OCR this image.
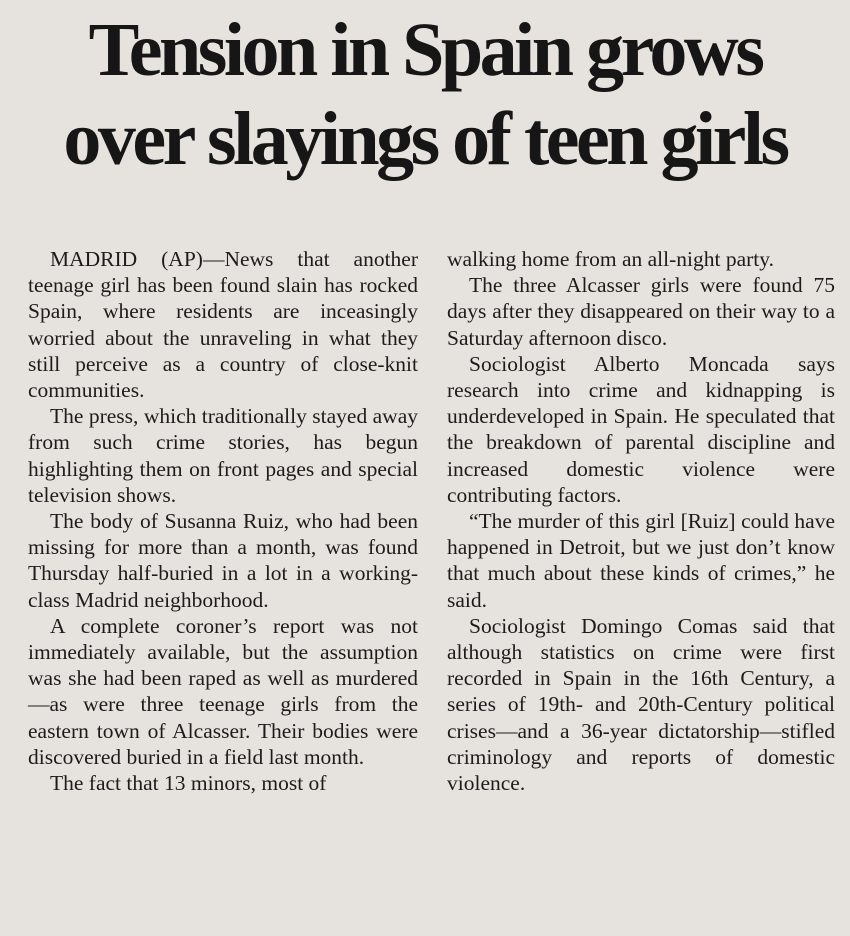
Tension in Spain grows
over slayings of teen girls

MADRID (AP)—News that another teenage girl has been found slain has rocked Spain, where residents are inceasingly worried about the unraveling in what they still perceive as a country of close-knit communities.

The press, which traditionally stayed away from such crime stories, has begun highlighting them on front pages and special television shows.

The body of Susanna Ruiz, who had been missing for more than a month, was found Thursday half-buried in a lot in a working-class Madrid neighborhood.

A complete coroner’s report was not immediately available, but the assumption was she had been raped as well as murdered—as were three teenage girls from the eastern town of Alcasser. Their bodies were discovered buried in a field last month.

The fact that 13 minors, most of

walking home from an all-night party.

The three Alcasser girls were found 75 days after they disappeared on their way to a Saturday afternoon disco.

Sociologist Alberto Moncada says research into crime and kidnapping is underdeveloped in Spain. He speculated that the breakdown of parental discipline and increased domestic violence were contributing factors.

“The murder of this girl [Ruiz] could have happened in Detroit, but we just don’t know that much about these kinds of crimes,” he said.

Sociologist Domingo Comas said that although statistics on crime were first recorded in Spain in the 16th Century, a series of 19th- and 20th-Century political crises—and a 36-year dictatorship—stifled criminology and reports of domestic violence.
